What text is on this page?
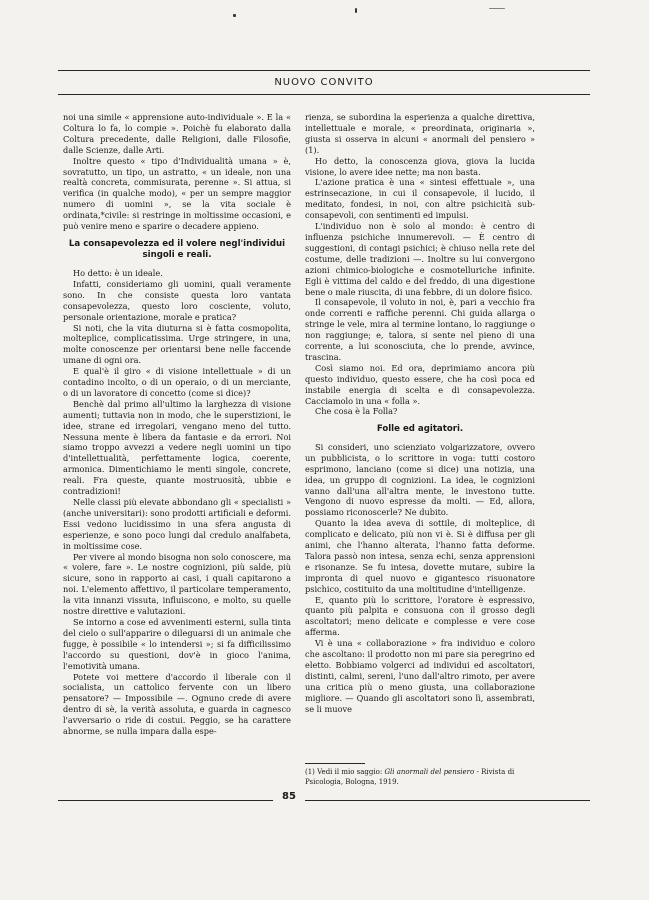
NUOVO CONVITO

noi una simile « apprensione auto-individuale ». E la « Coltura lo fa, lo compie ». Poichè fu elaborato dalla Coltura precedente, dalle Religioni, dalle Filosofie, dalle Scienze, dalle Arti.

Inoltre questo « tipo d'Individualità umana » è, sovratutto, un tipo, un astratto, « un ideale, non una realtà concreta, commisurata, perenne ». Si attua, si verifica (in qualche modo), « per un sempre maggior numero di uomini », se la vita sociale è ordinata,*civile: si restringe in moltissime occasioni, e può venire meno e sparire o decadere appieno.

La consapevolezza ed il volere negl'individui singoli e reali.

Ho detto: è un ideale.

Infatti, consideriamo gli uomini, quali veramente sono. In che consiste questa loro vantata consapevolezza, questo loro cosciente, voluto, personale orientazione, morale e pratica?

Si noti, che la vita diuturna si è fatta cosmopolita, molteplice, complicatissima. Urge stringere, in una, molte conoscenze per orientarsi bene nelle faccende umane di ogni ora.

E qual'è il giro « di visione intellettuale » di un contadino incolto, o di un operaio, o di un merciante, o di un lavoratore di concetto (come si dice)?

Benchè dal primo all'ultimo la larghezza di visione aumenti; tuttavia non in modo, che le superstizioni, le idee, strane ed irregolari, vengano meno del tutto. Nessuna mente è libera da fantasie e da errori. Noi siamo troppo avvezzi a vedere negli uomini un tipo d'intellettualità, perfettamente logica, coerente, armonica. Dimentichiamo le menti singole, concrete, reali. Fra queste, quante mostruosità, ubbie e contradizioni!

Nelle classi più elevate abbondano gli « specialisti » (anche universitari): sono prodotti artificiali e deformi. Essi vedono lucidissimo in una sfera angusta di esperienze, e sono poco lungi dal credulo analfabeta, in moltissime cose.

Per vivere al mondo bisogna non solo conoscere, ma « volere, fare ». Le nostre cognizioni, più salde, più sicure, sono in rapporto ai casi, i quali capitarono a noi. L'elemento affettivo, il particolare temperamento, la vita innanzi vissuta, influiscono, e molto, su quelle nostre direttive e valutazioni.

Se intorno a cose ed avvenimenti esterni, sulla tinta del cielo o sull'apparire o dileguarsi di un animale che fugge, è possibile « lo intendersi »; si fa difficilissimo l'accordo su questioni, dov'è in gioco l'anima, l'emotività umana.

Potete voi mettere d'accordo il liberale con il socialista, un cattolico fervente con un libero pensatore? — Impossibile —. Ognuno crede di avere dentro di sè, la verità assoluta, e guarda in cagnesco l'avversario o ride di costui. Peggio, se ha carattere abnorme, se nulla impara dalla espe-

rienza, se subordina la esperienza a qualche direttiva, intellettuale e morale, « preordinata, originaria », giusta si osserva in alcuni « anormali del pensiero » (1).

Ho detto, la conoscenza giova, giova la lucida visione, lo avere idee nette; ma non basta.

L'azione pratica è una « sintesi effettuale », una estrinsecazione, in cui il consapevole, il lucido, il meditato, fondesi, in noi, con altre psichicità sub-consapevoli, con sentimenti ed impulsi.

L'individuo non è solo al mondo: è centro di influenza psichiche innumerevoli. — È centro di suggestioni, di contagi psichici; è chiuso nella rete del costume, delle tradizioni —. Inoltre su lui convergono azioni chimico-biologiche e cosmotelluriche infinite. Egli è vittima del caldo e del freddo, di una digestione bene o male riuscita, di una febbre, di un dolore fisico.

Il consapevole, il voluto in noi, è, pari a vecchio fra onde correnti e raffiche perenni. Chi guida allarga o stringe le vele, mira al termine lontano, lo raggiunge o non raggiunge; e, talora, si sente nel pieno di una corrente, a lui sconosciuta, che lo prende, avvince, trascina.

Così siamo noi. Ed ora, deprimiamo ancora più questo individuo, questo essere, che ha così poca ed instabile energia di scelta e di consapevolezza. Cacciamolo in una « folla ».

Che cosa è la Folla?

Folle ed agitatori.

Si consideri, uno scienziato volgarizzatore, ovvero un pubblicista, o lo scrittore in voga: tutti costoro esprimono, lanciano (come si dice) una notizia, una idea, un gruppo di cognizioni. La idea, le cognizioni vanno dall'una all'altra mente, le investono tutte. Vengono di nuovo espresse da molti. — Ed, allora, possiamo riconoscerle? Ne dubito.

Quanto la idea aveva di sottile, di molteplice, di complicato e delicato, più non vi è. Si è diffusa per gli animi, che l'hanno alterata, l'hanno fatta deforme. Talora passò non intesa, senza echi, senza apprensioni e risonanze. Se fu intesa, dovette mutare, subire la impronta di quel nuovo e gigantesco risuonatore psichico, costituito da una moltitudine d'intelligenze.

E, quanto più lo scrittore, l'oratore è espressivo, quanto più palpita e consuona con il grosso degli ascoltatori; meno delicate e complesse e vere cose afferma.

Vi è una « collaborazione » fra individuo e coloro che ascoltano: il prodotto non mi pare sia peregrino ed eletto. Bobbiamo volgerci ad individui ed ascoltatori, distinti, calmi, sereni, l'uno dall'altro rimoto, per avere una critica più o meno giusta, una collaborazione migliore. — Quando gli ascoltatori sono lì, assembrati, se li muove

(1) Vedi il mio saggio: Gli anormali del pensiero - Rivista di Psicologia, Bologna, 1919.
85
